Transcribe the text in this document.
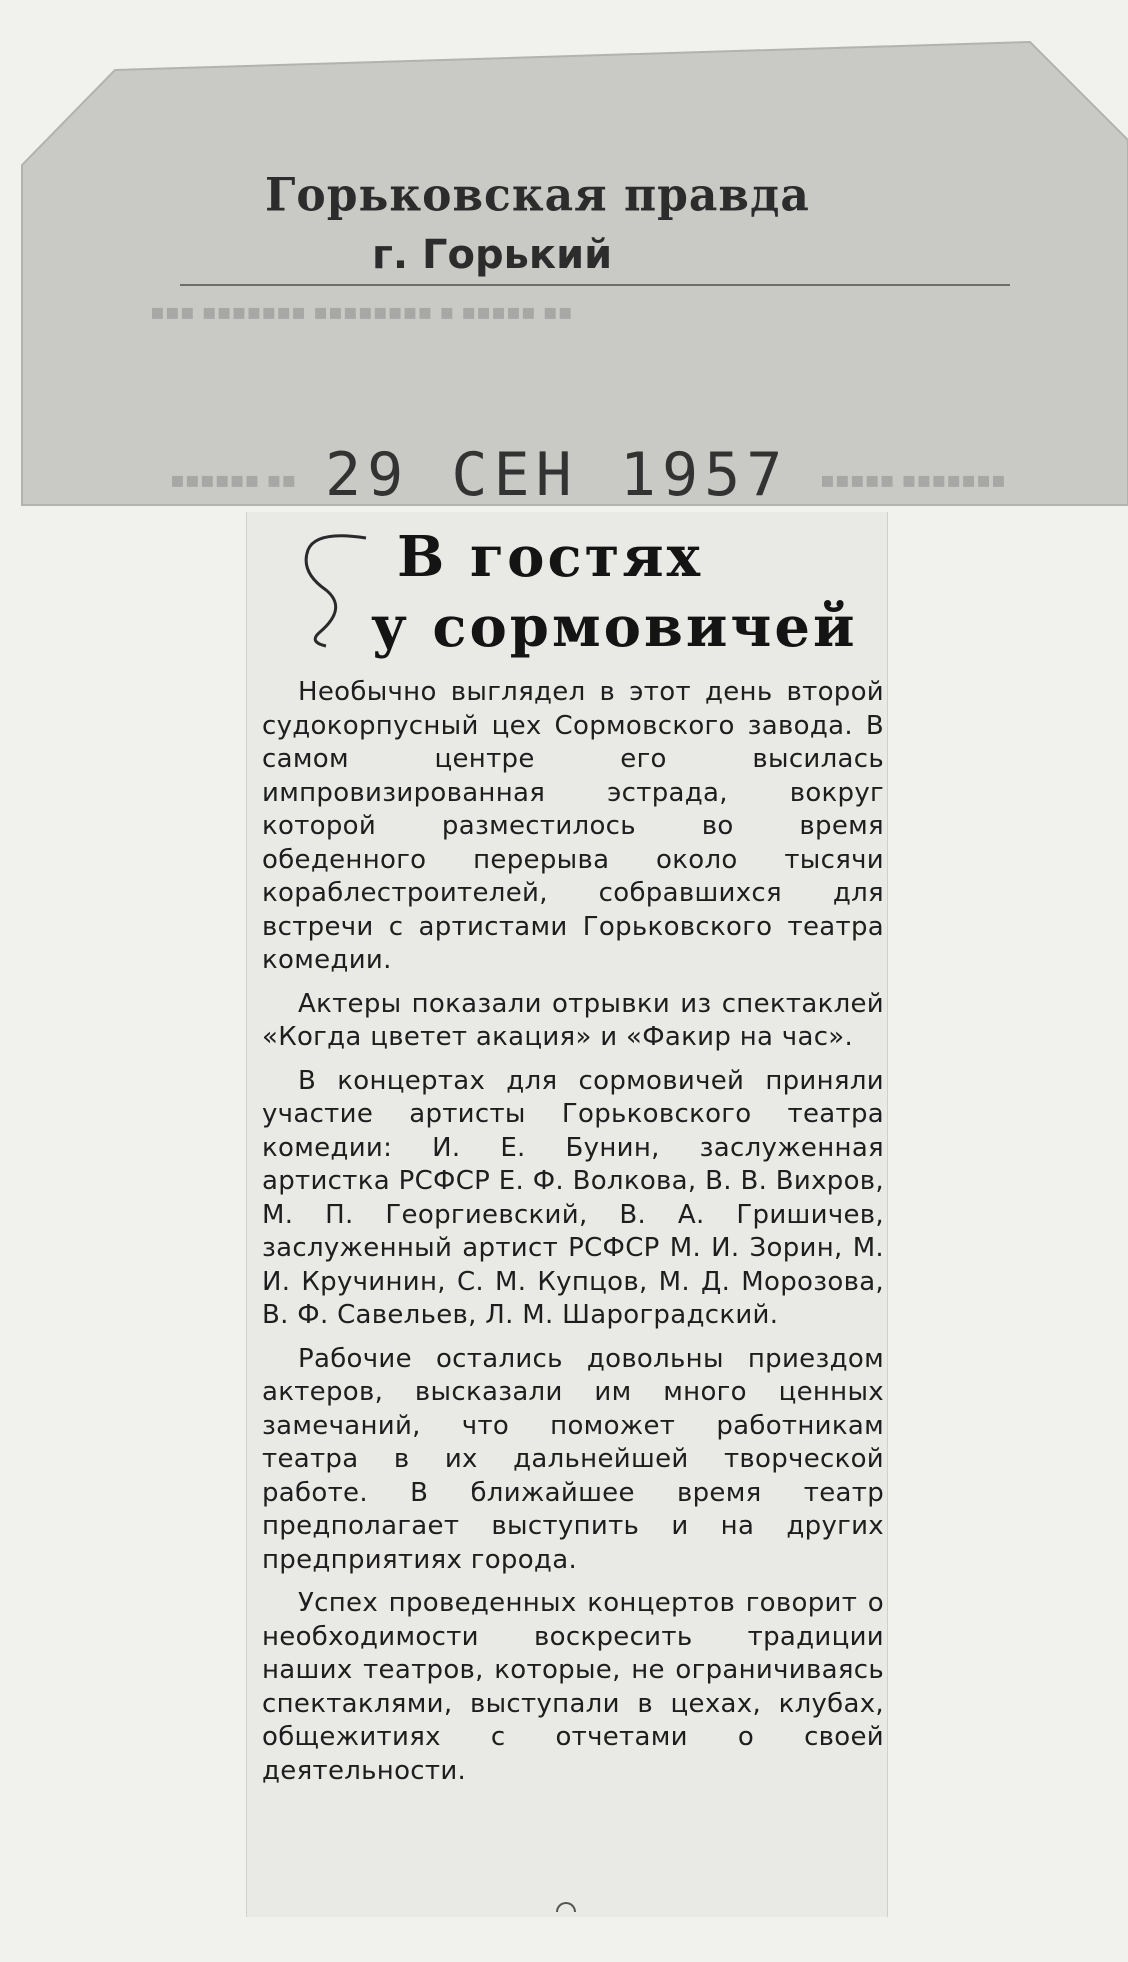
▪▪▪ ▪▪▪▪▪▪▪ ▪▪▪▪▪▪▪▪ ▪ ▪▪▪▪▪ ▪▪
▪▪▪▪▪▪ ▪▪	▪▪▪▪▪ ▪▪▪▪▪▪▪
Горьковская правда
г. Горький
29 СЕН 1957
В гостях
у сормовичей

Необычно выглядел в этот день второй судокорпусный цех Сормовского завода. В самом центре его высилась импровизированная эстрада, вокруг которой разместилось во время обеденного перерыва около тысячи кораблестроителей, собравшихся для встречи с артистами Горьковского театра комедии.

Актеры показали отрывки из спектаклей «Когда цветет акация» и «Факир на час».

В концертах для сормовичей приняли участие артисты Горьковского театра комедии: И. Е. Бунин, заслуженная артистка РСФСР Е. Ф. Волкова, В. В. Вихров, М. П. Георгиевский, В. А. Гришичев, заслуженный артист РСФСР М. И. Зорин, М. И. Кручинин, С. М. Купцов, М. Д. Морозова, В. Ф. Савельев, Л. М. Шароградский.

Рабочие остались довольны приездом актеров, высказали им много ценных замечаний, что поможет работникам театра в их дальнейшей творческой работе. В ближайшее время театр предполагает выступить и на других предприятиях города.

Успех проведенных концертов говорит о необходимости воскресить традиции наших театров, которые, не ограничиваясь спектаклями, выступали в цехах, клубах, общежитиях с отчетами о своей деятельности.
